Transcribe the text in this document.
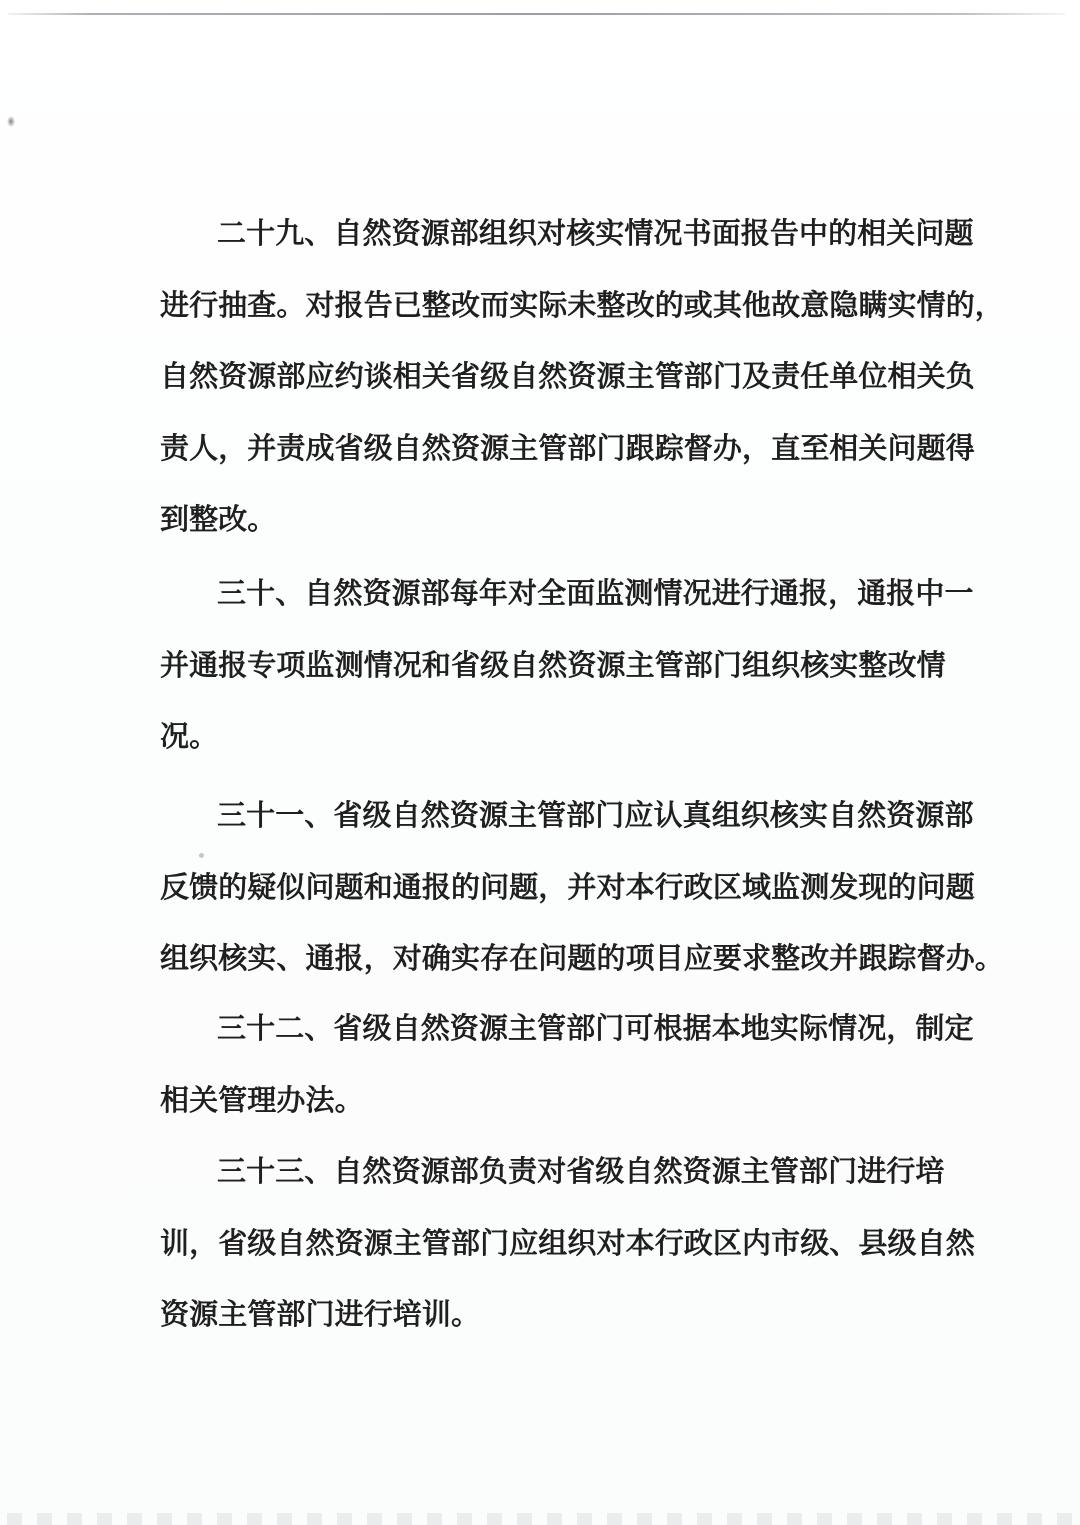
二十九、自然资源部组织对核实情况书面报告中的相关问题
进行抽查。对报告已整改而实际未整改的或其他故意隐瞒实情的，
自然资源部应约谈相关省级自然资源主管部门及责任单位相关负
责人，并责成省级自然资源主管部门跟踪督办，直至相关问题得
到整改。
三十、自然资源部每年对全面监测情况进行通报，通报中一
并通报专项监测情况和省级自然资源主管部门组织核实整改情
况。
三十一、省级自然资源主管部门应认真组织核实自然资源部
反馈的疑似问题和通报的问题，并对本行政区域监测发现的问题
组织核实、通报，对确实存在问题的项目应要求整改并跟踪督办。
三十二、省级自然资源主管部门可根据本地实际情况，制定
相关管理办法。
三十三、自然资源部负责对省级自然资源主管部门进行培
训，省级自然资源主管部门应组织对本行政区内市级、县级自然
资源主管部门进行培训。
